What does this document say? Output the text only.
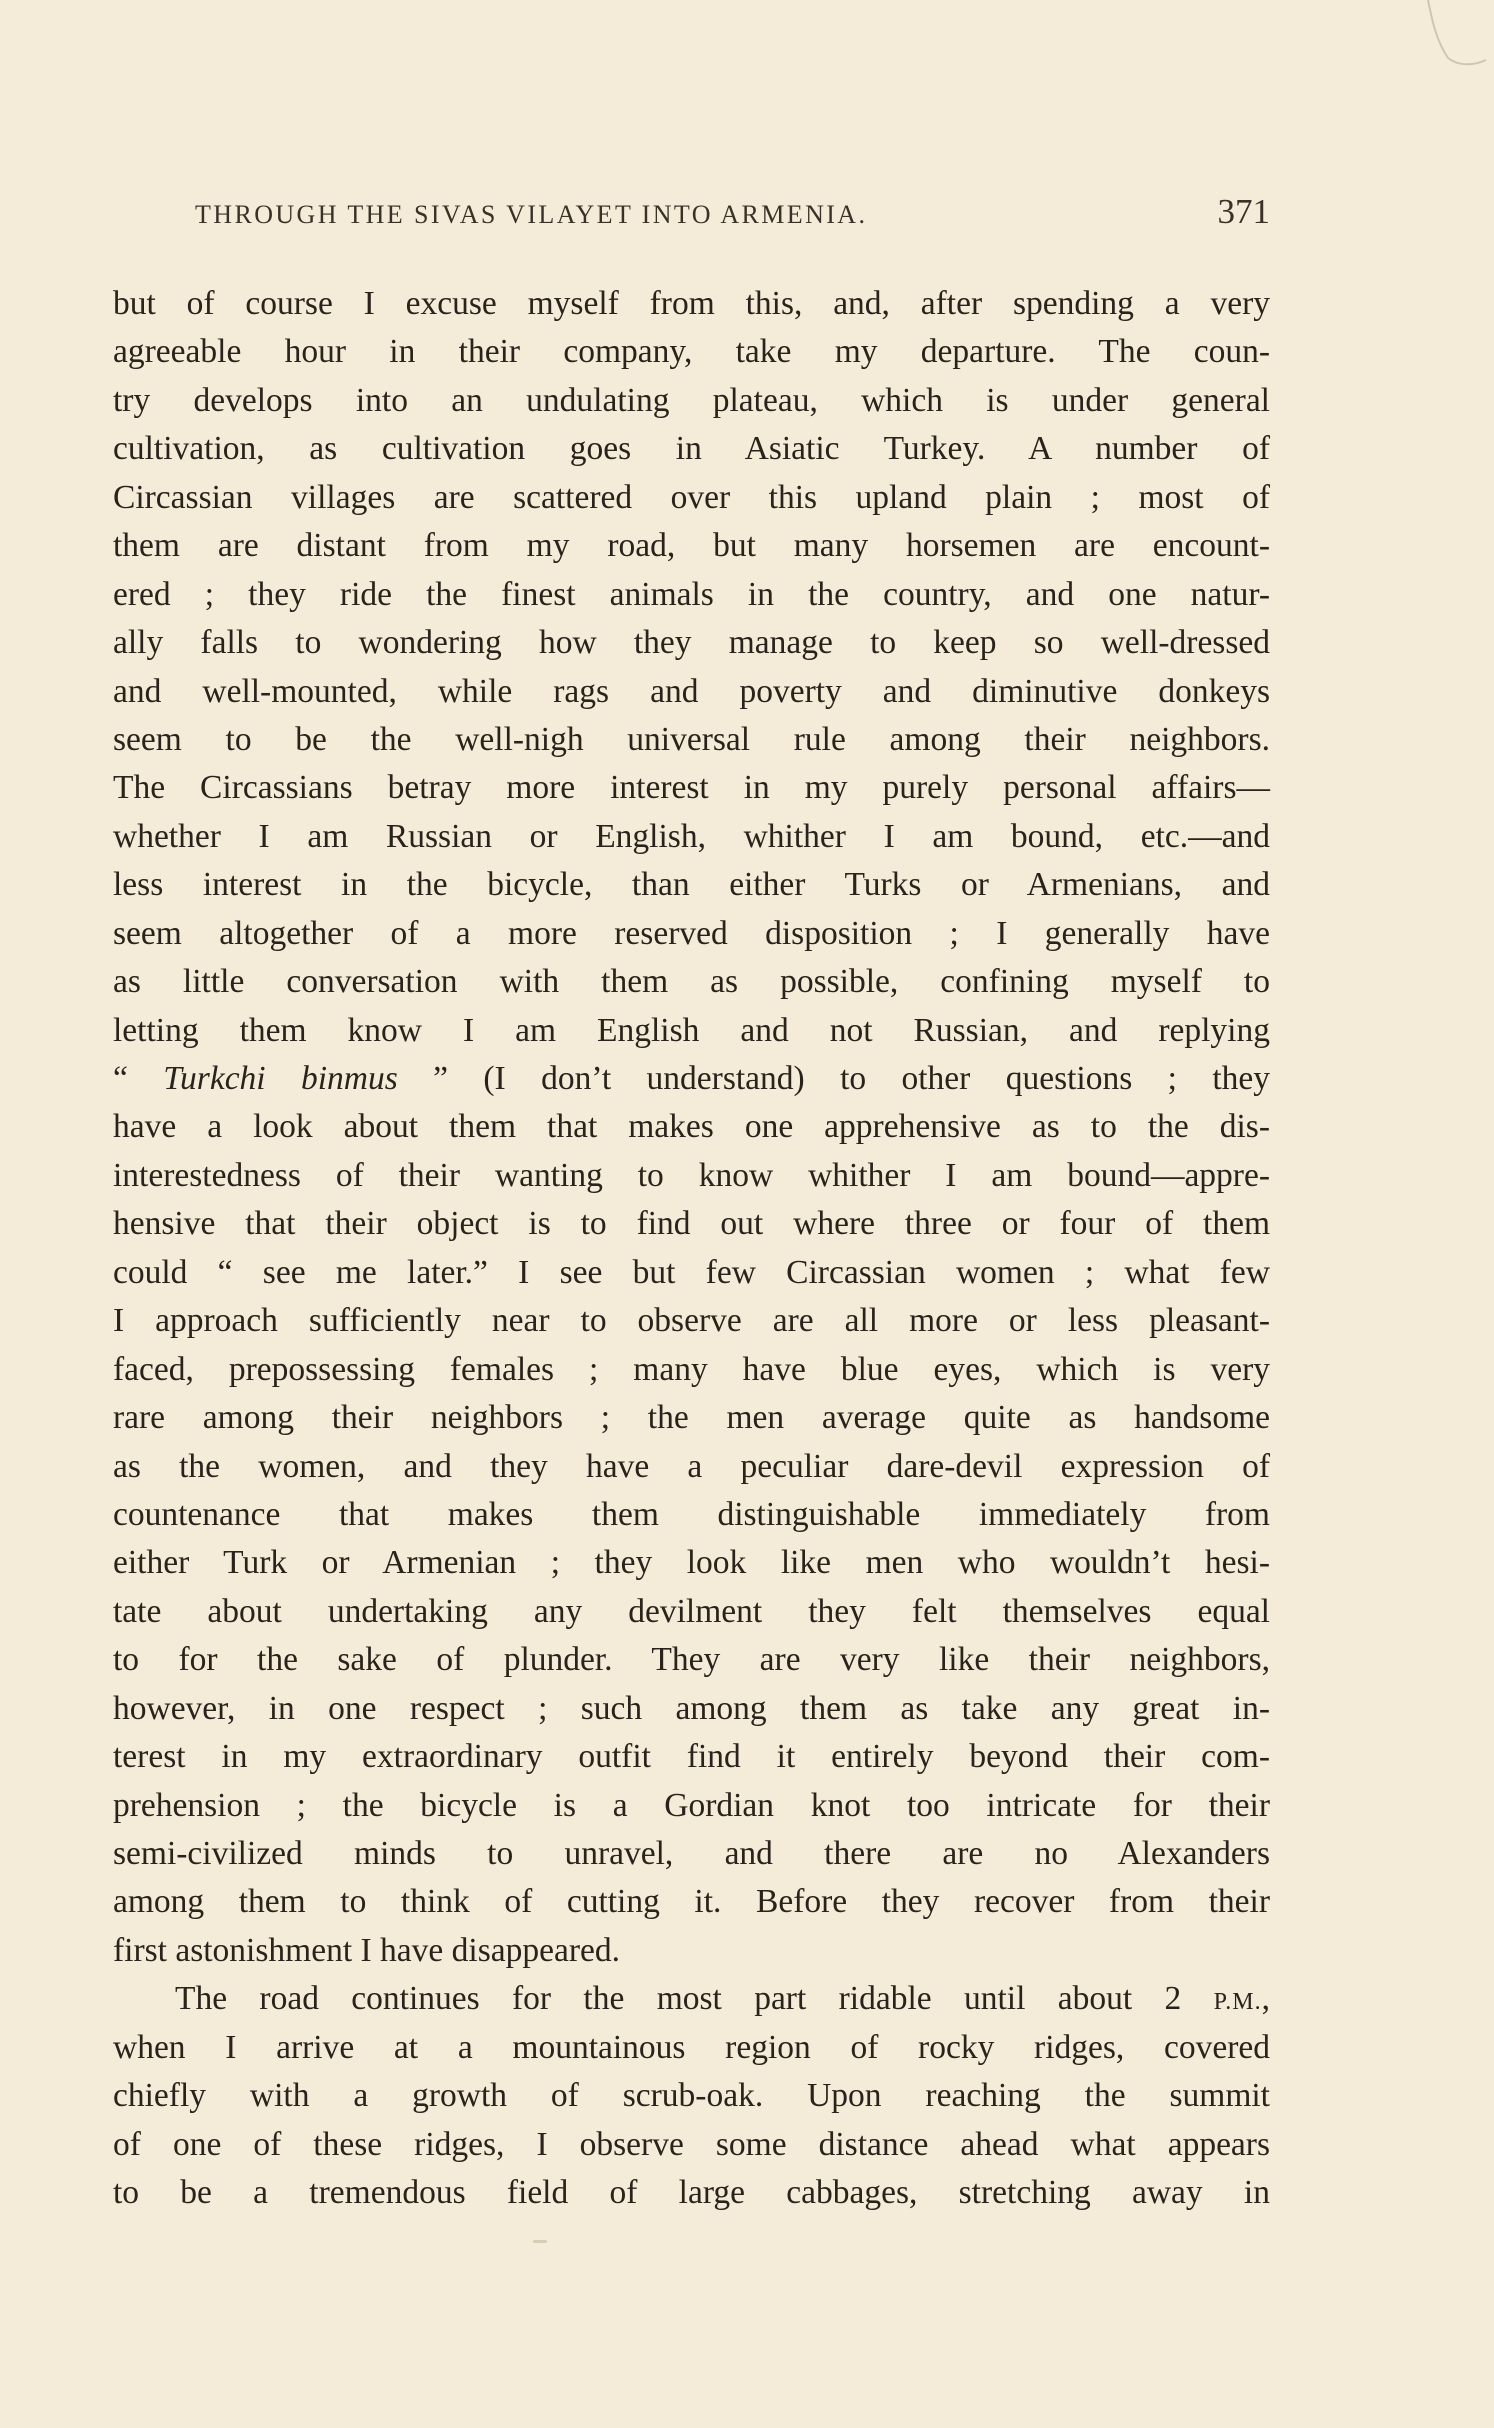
THROUGH THE SIVAS VILAYET INTO ARMENIA.	371
but of course I excuse myself from this, and, after spending a very
agreeable hour in their company, take my departure. The coun-
try develops into an undulating plateau, which is under general
cultivation, as cultivation goes in Asiatic Turkey. A number of
Circassian villages are scattered over this upland plain ; most of
them are distant from my road, but many horsemen are encount-
ered ; they ride the finest animals in the country, and one natur-
ally falls to wondering how they manage to keep so well-dressed
and well-mounted, while rags and poverty and diminutive donkeys
seem to be the well-nigh universal rule among their neighbors.
The Circassians betray more interest in my purely personal affairs—
whether I am Russian or English, whither I am bound, etc.—and
less interest in the bicycle, than either Turks or Armenians, and
seem altogether of a more reserved disposition ; I generally have
as little conversation with them as possible, confining myself to
letting them know I am English and not Russian, and replying
“ Turkchi binmus ” (I don’t understand) to other questions ; they
have a look about them that makes one apprehensive as to the dis-
interestedness of their wanting to know whither I am bound—appre-
hensive that their object is to find out where three or four of them
could “ see me later.” I see but few Circassian women ; what few
I approach sufficiently near to observe are all more or less pleasant-
faced, prepossessing females ; many have blue eyes, which is very
rare among their neighbors ; the men average quite as handsome
as the women, and they have a peculiar dare-devil expression of
countenance that makes them distinguishable immediately from
either Turk or Armenian ; they look like men who wouldn’t hesi-
tate about undertaking any devilment they felt themselves equal
to for the sake of plunder. They are very like their neighbors,
however, in one respect ; such among them as take any great in-
terest in my extraordinary outfit find it entirely beyond their com-
prehension ; the bicycle is a Gordian knot too intricate for their
semi-civilized minds to unravel, and there are no Alexanders
among them to think of cutting it. Before they recover from their
first astonishment I have disappeared.
The road continues for the most part ridable until about 2 P.M.,
when I arrive at a mountainous region of rocky ridges, covered
chiefly with a growth of scrub-oak. Upon reaching the summit
of one of these ridges, I observe some distance ahead what appears
to be a tremendous field of large cabbages, stretching away in
